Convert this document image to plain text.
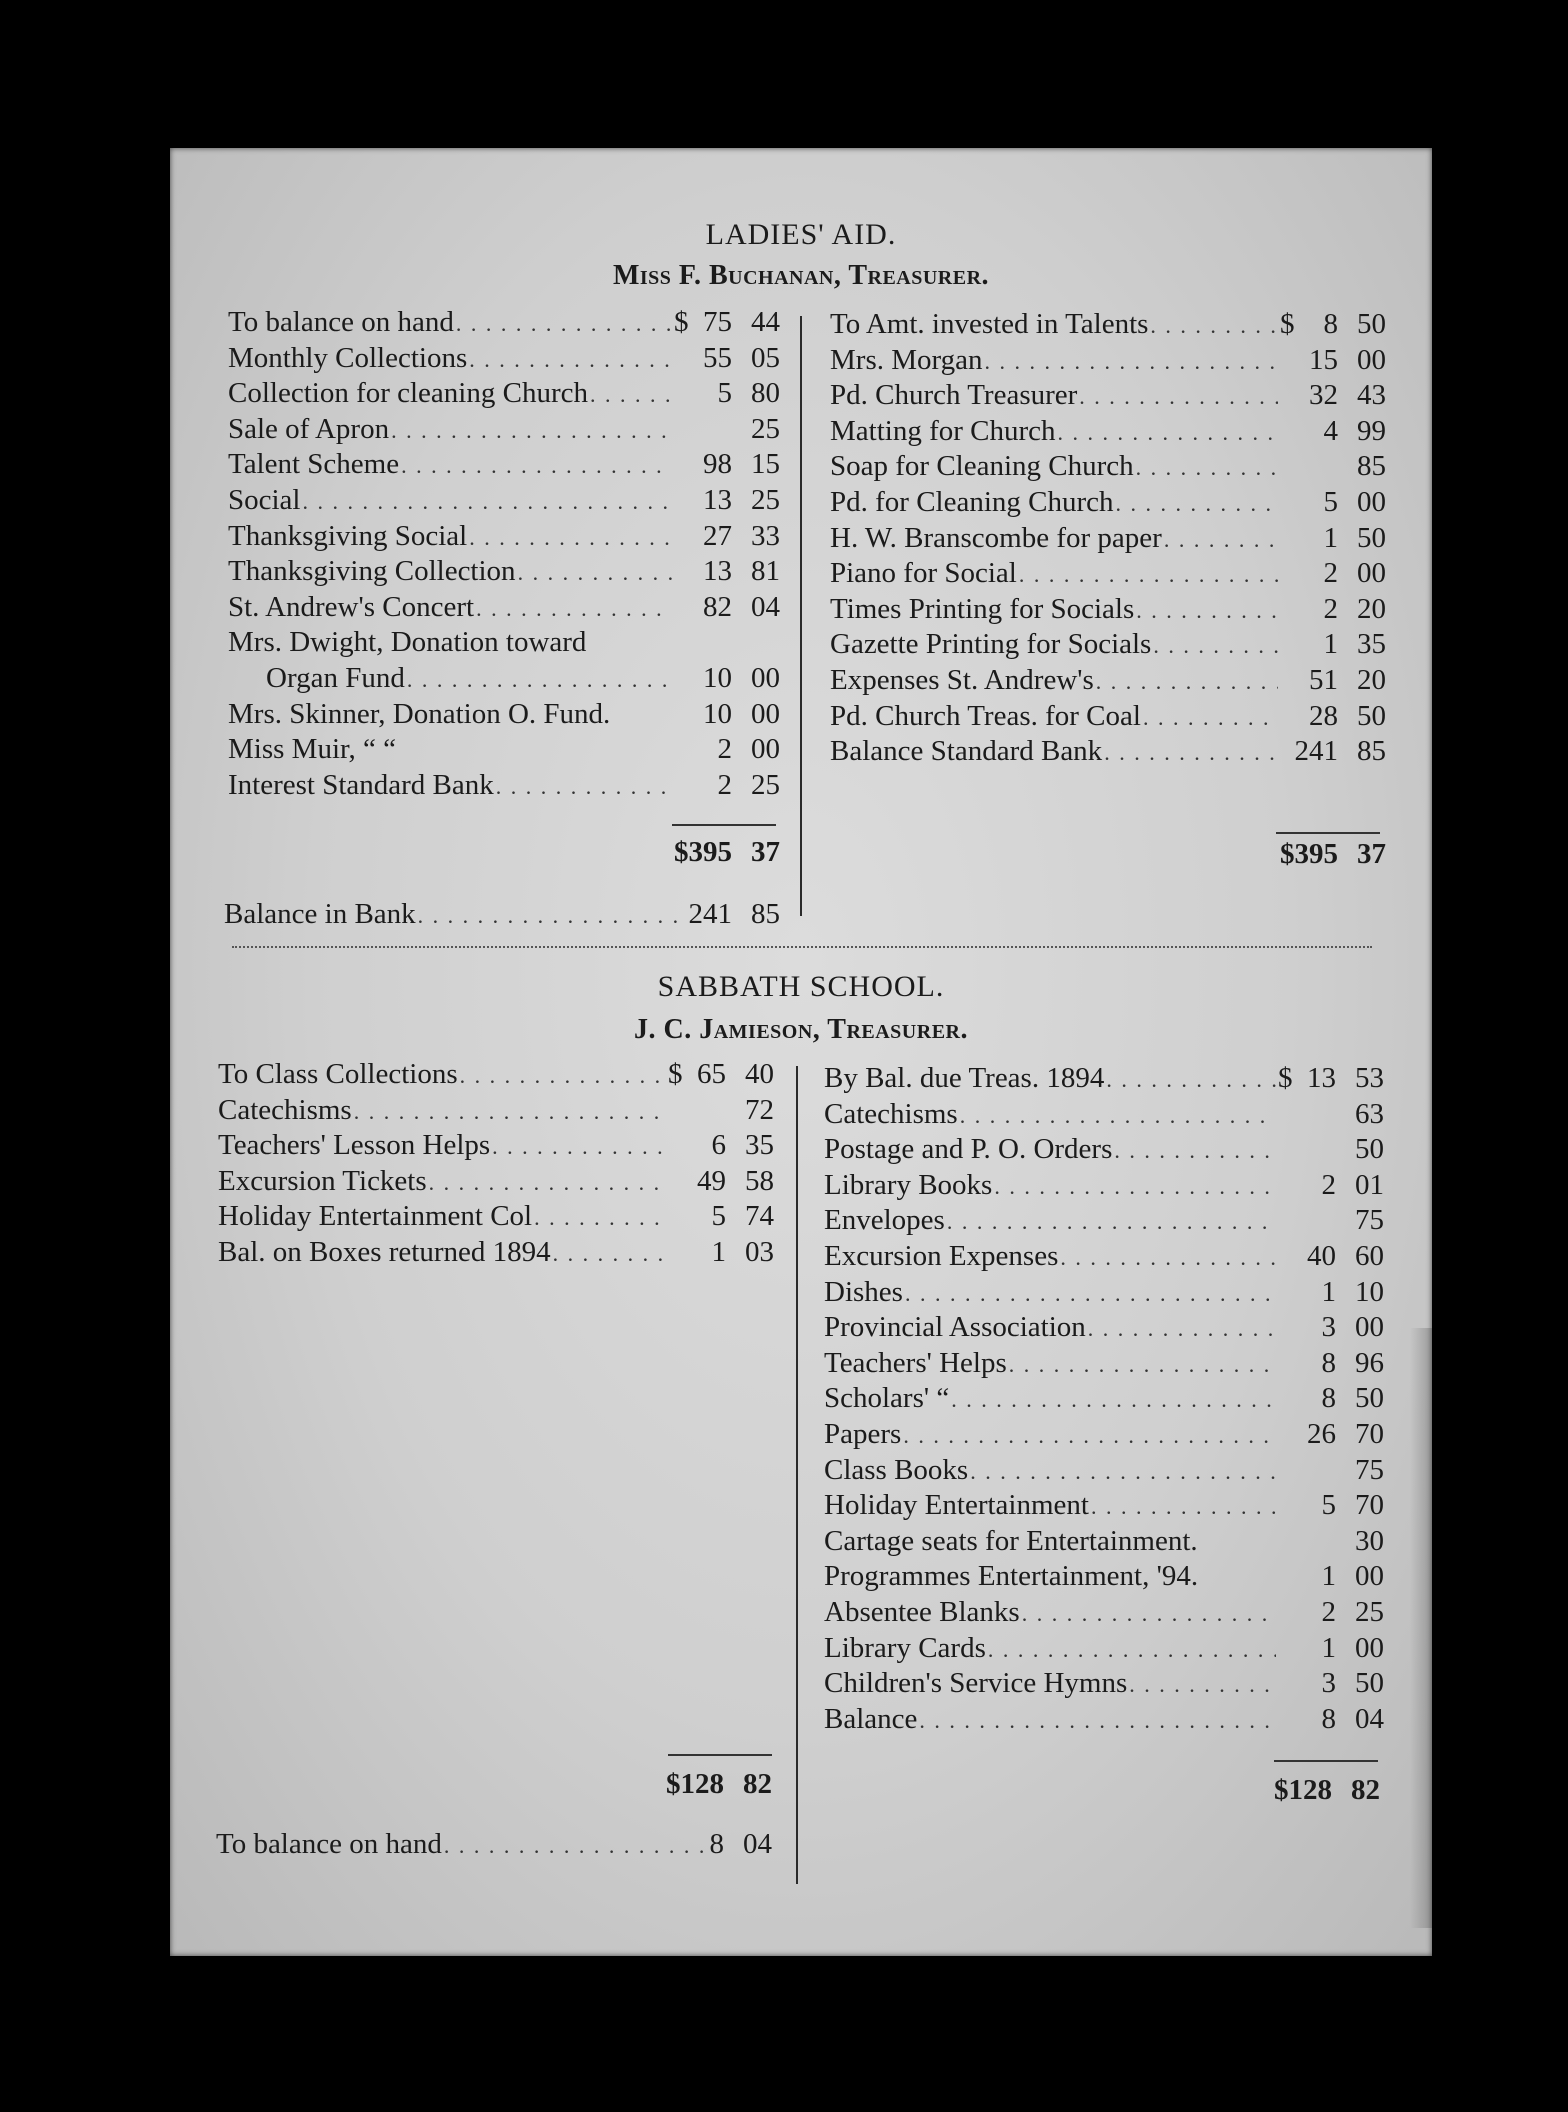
LADIES' AID.
Miss F. Buchanan, Treasurer.
To balance on hand . . .	$ 75 44
Monthly Collections . . .	55 05
Collection for cleaning Church . . .	5 80
Sale of Apron . . .	25
Talent Scheme . . .	98 15
Social . . .	13 25
Thanksgiving Social . . .	27 33
Thanksgiving Collection . . .	13 81
St. Andrew's Concert . . .	82 04
Mrs. Dwight, Donation toward
Organ Fund . . .	10 00
Mrs. Skinner, Donation O. Fund.	10 00
Miss Muir, “ “	2 00
Interest Standard Bank . . .	2 25
To Amt. invested in Talents . . .	$	8 50
Mrs. Morgan . . .	15 00
Pd. Church Treasurer . . .	32 43
Matting for Church . . .	4 99
Soap for Cleaning Church . . .	85
Pd. for Cleaning Church . . .	5 00
H. W. Branscombe for paper . . .	1 50
Piano for Social . . .	2 00
Times Printing for Socials . . .	2 20
Gazette Printing for Socials . . .	1 35
Expenses St. Andrew's . . .	51 20
Pd. Church Treas. for Coal . . .	28 50
Balance Standard Bank . . .	241 85
$395 37	$395 37
Balance in Bank . . .	241 85
SABBATH SCHOOL.
J. C. Jamieson, Treasurer.
To Class Collections . . .	$ 65 40
Catechisms . . .	72
Teachers' Lesson Helps . . .	6 35
Excursion Tickets . . .	49 58
Holiday Entertainment Col . . .	5 74
Bal. on Boxes returned 1894 . . .	1 03
By Bal. due Treas. 1894 . . .	$ 13 53
Catechisms . . .	63
Postage and P. O. Orders . . .	50
Library Books . . .	2 01
Envelopes . . .	75
Excursion Expenses . . .	40 60
Dishes . . .	1 10
Provincial Association . . .	3 00
Teachers' Helps . . .	8 96
Scholars' “ . . .	8 50
Papers . . .	26 70
Class Books . . .	75
Holiday Entertainment . . .	5 70
Cartage seats for Entertainment.	30
Programmes Entertainment, '94.	1 00
Absentee Blanks . . .	2 25
Library Cards . . .	1 00
Children's Service Hymns . . .	3 50
Balance . . .	8 04
$128 82	$128 82
To balance on hand . . .	8 04
